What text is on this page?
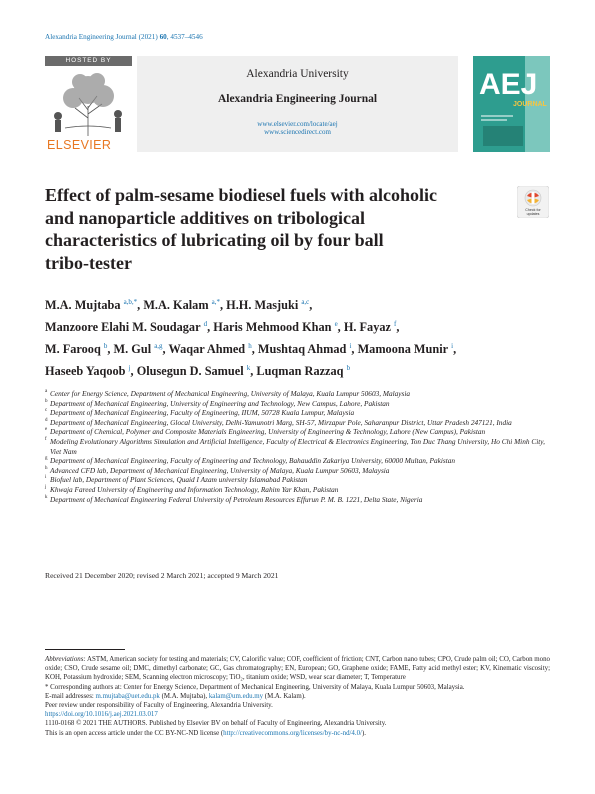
Alexandria Engineering Journal (2021) 60, 4537–4546
HOSTED BY
ELSEVIER
Alexandria University
Alexandria Engineering Journal
www.elsevier.com/locate/aej
www.sciencedirect.com
AEJ
JOURNAL
Effect of palm-sesame biodiesel fuels with alcoholic
and nanoparticle additives on tribological
characteristics of lubricating oil by four ball
tribo-tester
Check for
updates
M.A. Mujtaba $^{a,b,*}$, M.A. Kalam $^{a,*}$, H.H. Masjuki $^{a,c}$,
Manzoore Elahi M. Soudagar $^d$, Haris Mehmood Khan $^e$, H. Fayaz $^f$,
M. Farooq $^b$, M. Gul $^{a,g}$, Waqar Ahmed $^h$, Mushtaq Ahmad $^i$, Mamoona Munir $^i$,
Haseeb Yaqoob $^j$, Olusegun D. Samuel $^k$, Luqman Razzaq $^b$
a Center for Energy Science, Department of Mechanical Engineering, University of Malaya, Kuala Lumpur 50603, Malaysia
b Department of Mechanical Engineering, University of Engineering and Technology, New Campus, Lahore, Pakistan
c Department of Mechanical Engineering, Faculty of Engineering, IIUM, 50728 Kuala Lumpur, Malaysia
d Department of Mechanical Engineering, Glocal University, Delhi-Yamunotri Marg, SH-57, Mirzapur Pole, Saharanpur District, Uttar Pradesh 247121, India
e Department of Chemical, Polymer and Composite Materials Engineering, University of Engineering & Technology, Lahore (New Campus), Pakistan
f Modeling Evolutionary Algorithms Simulation and Artificial Intelligence, Faculty of Electrical & Electronics Engineering, Ton Duc Thang University, Ho Chi Minh City, Viet Nam
g Department of Mechanical Engineering, Faculty of Engineering and Technology, Bahauddin Zakariya University, 60000 Multan, Pakistan
h Advanced CFD lab, Department of Mechanical Engineering, University of Malaya, Kuala Lumpur 50603, Malaysia
i Biofuel lab, Department of Plant Sciences, Quaid I Azam university Islamabad Pakistan
j Khwaja Fareed University of Engineering and Information Technology, Rahim Yar Khan, Pakistan
k Department of Mechanical Engineering Federal University of Petroleum Resources Effurun P. M. B. 1221, Delta State, Nigeria
Received 21 December 2020; revised 2 March 2021; accepted 9 March 2021
Abbreviations: ASTM, American society for testing and materials; CV, Calorific value; COF, coefficient of friction; CNT, Carbon nano tubes; CPO, Crude palm oil; CO, Carbon mono oxide; CSO, Crude sesame oil; DMC, dimethyl carbonate; GC, Gas chromatography; EN, European; GO, Graphene oxide; FAME, Fatty acid methyl ester; KV, Kinematic viscosity; KOH, Potassium hydroxide; SEM, Scanning electron microscopy; TiO₂, titanium oxide; WSD, wear scar diameter; T, Temperature
* Corresponding authors at: Center for Energy Science, Department of Mechanical Engineering, University of Malaya, Kuala Lumpur 50603, Malaysia.
E-mail addresses: m.mujtaba@uet.edu.pk (M.A. Mujtaba), kalam@um.edu.my (M.A. Kalam).
Peer review under responsibility of Faculty of Engineering, Alexandria University.
https://doi.org/10.1016/j.aej.2021.03.017
1110-0168 © 2021 THE AUTHORS. Published by Elsevier BV on behalf of Faculty of Engineering, Alexandria University.
This is an open access article under the CC BY-NC-ND license (http://creativecommons.org/licenses/by-nc-nd/4.0/).
